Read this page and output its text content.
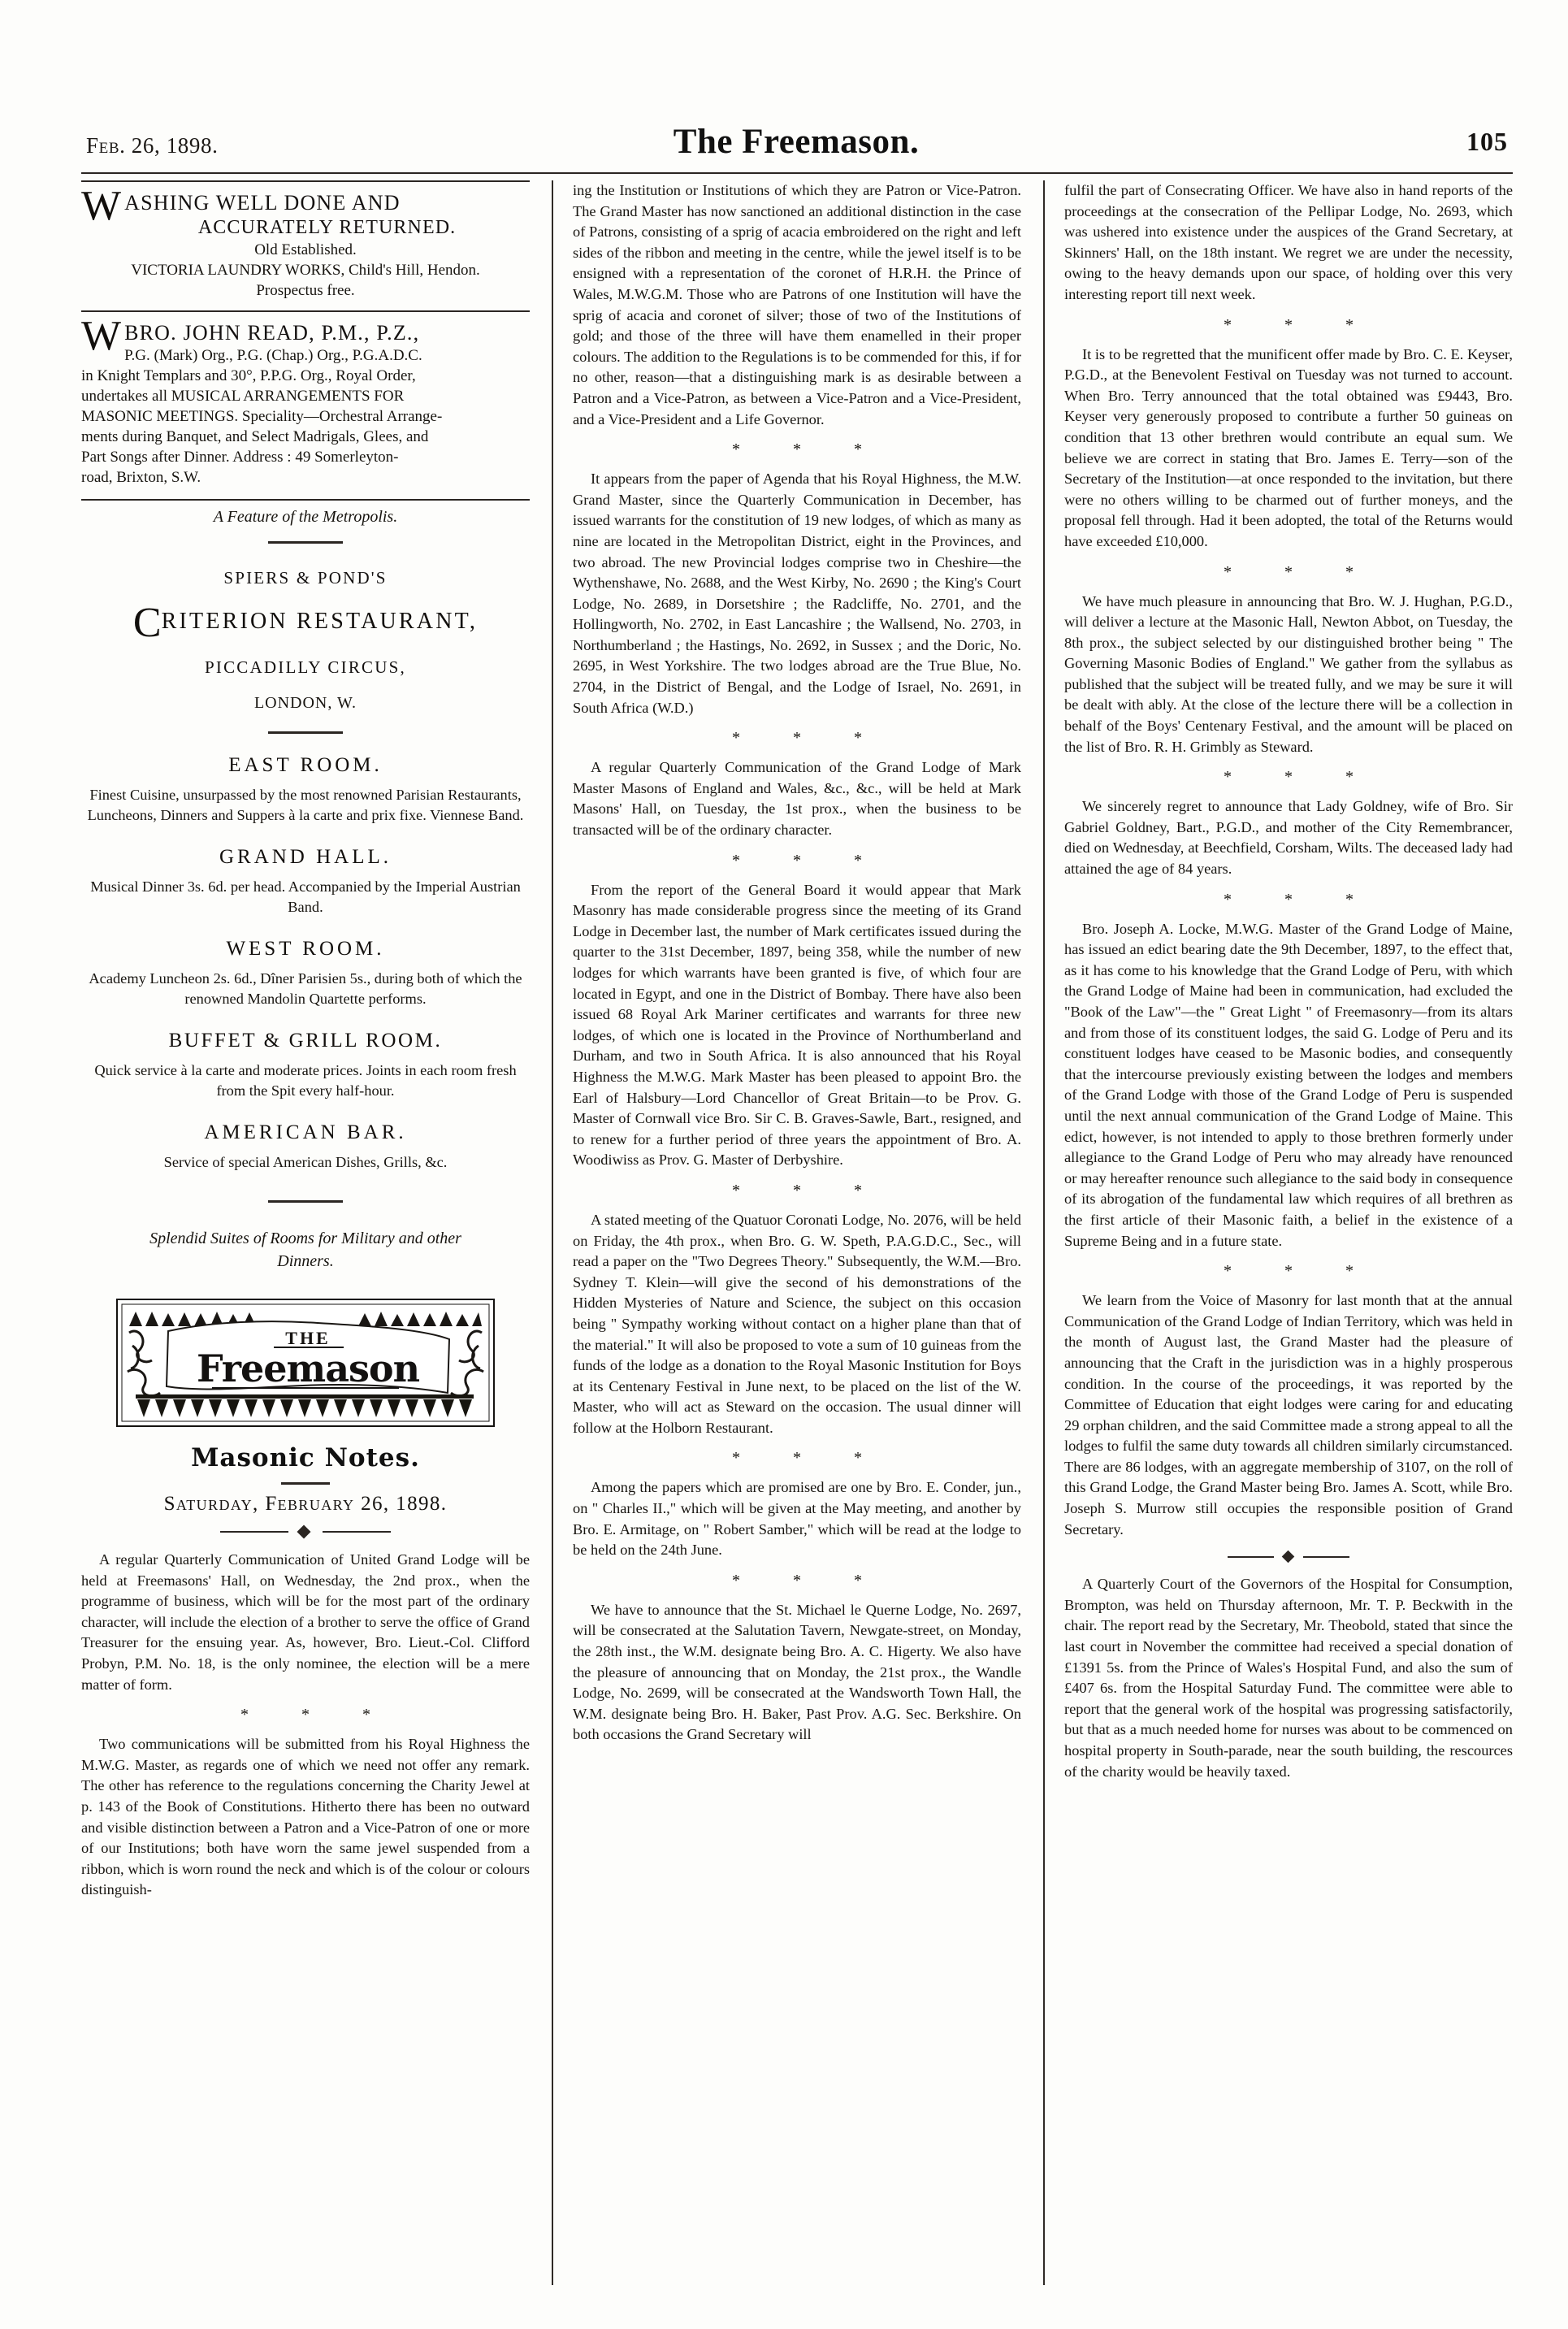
Feb. 26, 1898.	The Freemason.	105
W ASHING WELL DONE AND
ACCURATELY RETURNED.
Old Established.
VICTORIA LAUNDRY WORKS, Child's Hill, Hendon.
Prospectus free.
W BRO. JOHN READ, P.M., P.Z.,
P.G. (Mark) Org., P.G. (Chap.) Org., P.G.A.D.C.
in Knight Templars and 30°, P.P.G. Org., Royal Order,
undertakes all MUSICAL ARRANGEMENTS FOR
MASONIC MEETINGS. Speciality—Orchestral Arrange-
ments during Banquet, and Select Madrigals, Glees, and
Part Songs after Dinner. Address : 49 Somerleyton-
road, Brixton, S.W.
A Feature of the Metropolis.
SPIERS & POND'S
CRITERION RESTAURANT,
PICCADILLY CIRCUS,
LONDON, W.
EAST ROOM.
Finest Cuisine, unsurpassed by the most renowned Parisian Restaurants, Luncheons, Dinners and Suppers à la carte and prix fixe. Viennese Band.
GRAND HALL.
Musical Dinner 3s. 6d. per head. Accompanied by the Imperial Austrian Band.
WEST ROOM.
Academy Luncheon 2s. 6d., Dîner Parisien 5s., during both of which the renowned Mandolin Quartette performs.
BUFFET & GRILL ROOM.
Quick service à la carte and moderate prices. Joints in each room fresh from the Spit every half-hour.
AMERICAN BAR.
Service of special American Dishes, Grills, &c.
Splendid Suites of Rooms for Military and other
Dinners.
THE
Freemason
Masonic Notes.
Saturday, February 26, 1898.

A regular Quarterly Communication of United Grand Lodge will be held at Freemasons' Hall, on Wednesday, the 2nd prox., when the programme of business, which will be for the most part of the ordinary character, will include the election of a brother to serve the office of Grand Treasurer for the ensuing year. As, however, Bro. Lieut.-Col. Clifford Probyn, P.M. No. 18, is the only nominee, the election will be a mere matter of form.

* * *

Two communications will be submitted from his Royal Highness the M.W.G. Master, as regards one of which we need not offer any remark. The other has reference to the regulations concerning the Charity Jewel at p. 143 of the Book of Constitutions. Hitherto there has been no outward and visible distinction between a Patron and a Vice-Patron of one or more of our Institutions; both have worn the same jewel suspended from a ribbon, which is worn round the neck and which is of the colour or colours distinguish-

ing the Institution or Institutions of which they are Patron or Vice-Patron. The Grand Master has now sanctioned an additional distinction in the case of Patrons, consisting of a sprig of acacia embroidered on the right and left sides of the ribbon and meeting in the centre, while the jewel itself is to be ensigned with a representation of the coronet of H.R.H. the Prince of Wales, M.W.G.M. Those who are Patrons of one Institution will have the sprig of acacia and coronet of silver; those of two of the Institutions of gold; and those of the three will have them enamelled in their proper colours. The addition to the Regulations is to be commended for this, if for no other, reason—that a distinguishing mark is as desirable between a Patron and a Vice-Patron, as between a Vice-Patron and a Vice-President, and a Vice-President and a Life Governor.

* * *

It appears from the paper of Agenda that his Royal Highness, the M.W. Grand Master, since the Quarterly Communication in December, has issued warrants for the constitution of 19 new lodges, of which as many as nine are located in the Metropolitan District, eight in the Provinces, and two abroad. The new Provincial lodges comprise two in Cheshire—the Wythenshawe, No. 2688, and the West Kirby, No. 2690 ; the King's Court Lodge, No. 2689, in Dorsetshire ; the Radcliffe, No. 2701, and the Hollingworth, No. 2702, in East Lancashire ; the Wallsend, No. 2703, in Northumberland ; the Hastings, No. 2692, in Sussex ; and the Doric, No. 2695, in West Yorkshire. The two lodges abroad are the True Blue, No. 2704, in the District of Bengal, and the Lodge of Israel, No. 2691, in South Africa (W.D.)

* * *

A regular Quarterly Communication of the Grand Lodge of Mark Master Masons of England and Wales, &c., &c., will be held at Mark Masons' Hall, on Tuesday, the 1st prox., when the business to be transacted will be of the ordinary character.

* * *

From the report of the General Board it would appear that Mark Masonry has made considerable progress since the meeting of its Grand Lodge in December last, the number of Mark certificates issued during the quarter to the 31st December, 1897, being 358, while the number of new lodges for which warrants have been granted is five, of which four are located in Egypt, and one in the District of Bombay. There have also been issued 68 Royal Ark Mariner certificates and warrants for three new lodges, of which one is located in the Province of Northumberland and Durham, and two in South Africa. It is also announced that his Royal Highness the M.W.G. Mark Master has been pleased to appoint Bro. the Earl of Halsbury—Lord Chancellor of Great Britain—to be Prov. G. Master of Cornwall vice Bro. Sir C. B. Graves-Sawle, Bart., resigned, and to renew for a further period of three years the appointment of Bro. A. Woodiwiss as Prov. G. Master of Derbyshire.

* * *

A stated meeting of the Quatuor Coronati Lodge, No. 2076, will be held on Friday, the 4th prox., when Bro. G. W. Speth, P.A.G.D.C., Sec., will read a paper on the "Two Degrees Theory." Subsequently, the W.M.—Bro. Sydney T. Klein—will give the second of his demonstrations of the Hidden Mysteries of Nature and Science, the subject on this occasion being " Sympathy working without contact on a higher plane than that of the material." It will also be proposed to vote a sum of 10 guineas from the funds of the lodge as a donation to the Royal Masonic Institution for Boys at its Centenary Festival in June next, to be placed on the list of the W. Master, who will act as Steward on the occasion. The usual dinner will follow at the Holborn Restaurant.

* * *

Among the papers which are promised are one by Bro. E. Conder, jun., on " Charles II.," which will be given at the May meeting, and another by Bro. E. Armitage, on " Robert Samber," which will be read at the lodge to be held on the 24th June.

* * *

We have to announce that the St. Michael le Querne Lodge, No. 2697, will be consecrated at the Salutation Tavern, Newgate-street, on Monday, the 28th inst., the W.M. designate being Bro. A. C. Higerty. We also have the pleasure of announcing that on Monday, the 21st prox., the Wandle Lodge, No. 2699, will be consecrated at the Wandsworth Town Hall, the W.M. designate being Bro. H. Baker, Past Prov. A.G. Sec. Berkshire. On both occasions the Grand Secretary will

fulfil the part of Consecrating Officer. We have also in hand reports of the proceedings at the consecration of the Pellipar Lodge, No. 2693, which was ushered into existence under the auspices of the Grand Secretary, at Skinners' Hall, on the 18th instant. We regret we are under the necessity, owing to the heavy demands upon our space, of holding over this very interesting report till next week.

* * *

It is to be regretted that the munificent offer made by Bro. C. E. Keyser, P.G.D., at the Benevolent Festival on Tuesday was not turned to account. When Bro. Terry announced that the total obtained was £9443, Bro. Keyser very generously proposed to contribute a further 50 guineas on condition that 13 other brethren would contribute an equal sum. We believe we are correct in stating that Bro. James E. Terry—son of the Secretary of the Institution—at once responded to the invitation, but there were no others willing to be charmed out of further moneys, and the proposal fell through. Had it been adopted, the total of the Returns would have exceeded £10,000.

* * *

We have much pleasure in announcing that Bro. W. J. Hughan, P.G.D., will deliver a lecture at the Masonic Hall, Newton Abbot, on Tuesday, the 8th prox., the subject selected by our distinguished brother being " The Governing Masonic Bodies of England." We gather from the syllabus as published that the subject will be treated fully, and we may be sure it will be dealt with ably. At the close of the lecture there will be a collection in behalf of the Boys' Centenary Festival, and the amount will be placed on the list of Bro. R. H. Grimbly as Steward.

* * *

We sincerely regret to announce that Lady Goldney, wife of Bro. Sir Gabriel Goldney, Bart., P.G.D., and mother of the City Remembrancer, died on Wednesday, at Beechfield, Corsham, Wilts. The deceased lady had attained the age of 84 years.

* * *

Bro. Joseph A. Locke, M.W.G. Master of the Grand Lodge of Maine, has issued an edict bearing date the 9th December, 1897, to the effect that, as it has come to his knowledge that the Grand Lodge of Peru, with which the Grand Lodge of Maine had been in communication, had excluded the "Book of the Law"—the " Great Light " of Freemasonry—from its altars and from those of its constituent lodges, the said G. Lodge of Peru and its constituent lodges have ceased to be Masonic bodies, and consequently that the intercourse previously existing between the lodges and members of the Grand Lodge with those of the Grand Lodge of Peru is suspended until the next annual communication of the Grand Lodge of Maine. This edict, however, is not intended to apply to those brethren formerly under allegiance to the Grand Lodge of Peru who may already have renounced or may hereafter renounce such allegiance to the said body in consequence of its abrogation of the fundamental law which requires of all brethren as the first article of their Masonic faith, a belief in the existence of a Supreme Being and in a future state.

* * *

We learn from the Voice of Masonry for last month that at the annual Communication of the Grand Lodge of Indian Territory, which was held in the month of August last, the Grand Master had the pleasure of announcing that the Craft in the jurisdiction was in a highly prosperous condition. In the course of the proceedings, it was reported by the Committee of Education that eight lodges were caring for and educating 29 orphan children, and the said Committee made a strong appeal to all the lodges to fulfil the same duty towards all children similarly circumstanced. There are 86 lodges, with an aggregate membership of 3107, on the roll of this Grand Lodge, the Grand Master being Bro. James A. Scott, while Bro. Joseph S. Murrow still occupies the responsible position of Grand Secretary.

A Quarterly Court of the Governors of the Hospital for Consumption, Brompton, was held on Thursday afternoon, Mr. T. P. Beckwith in the chair. The report read by the Secretary, Mr. Theobold, stated that since the last court in November the committee had received a special donation of £1391 5s. from the Prince of Wales's Hospital Fund, and also the sum of £407 6s. from the Hospital Saturday Fund. The committee were able to report that the general work of the hospital was progressing satisfactorily, but that as a much needed home for nurses was about to be commenced on hospital property in South-parade, near the south building, the rescources of the charity would be heavily taxed.
